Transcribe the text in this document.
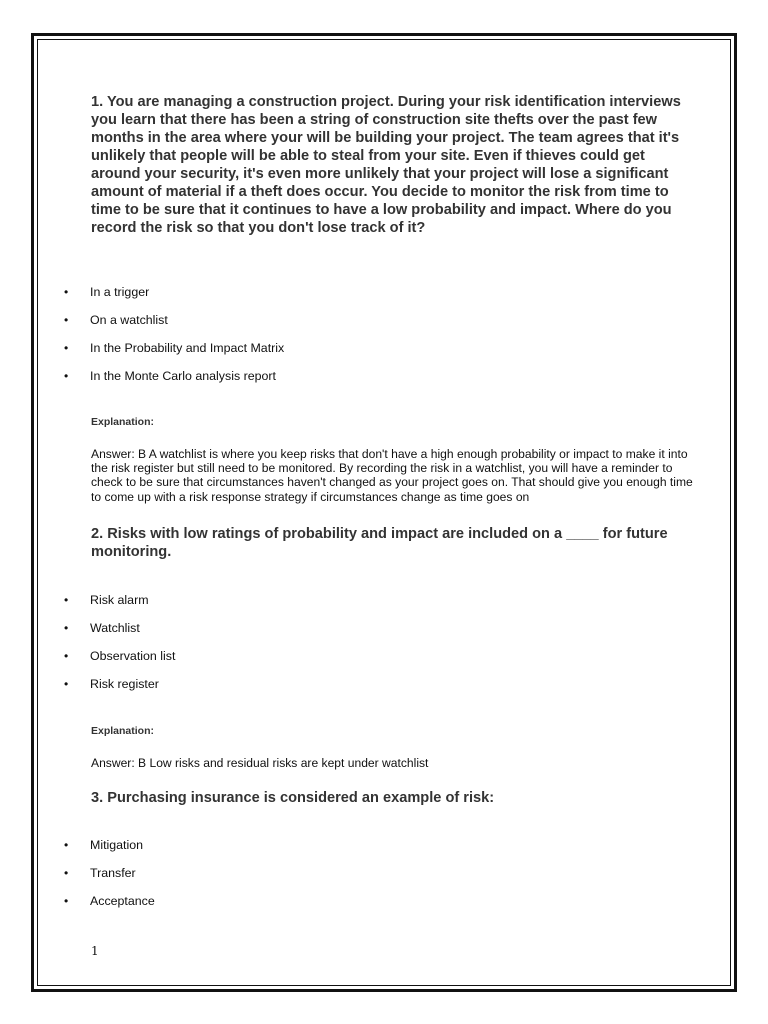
1. You are managing a construction project. During your risk identification interviews you learn that there has been a string of construction site thefts over the past few months in the area where your will be building your project. The team agrees that it's unlikely that people will be able to steal from your site. Even if thieves could get around your security, it's even more unlikely that your project will lose a significant amount of material if a theft does occur. You decide to monitor the risk from time to time to be sure that it continues to have a low probability and impact. Where do you record the risk so that you don't lose track of it?

• In a trigger
• On a watchlist
• In the Probability and Impact Matrix
• In the Monte Carlo analysis report
Explanation:

Answer: B A watchlist is where you keep risks that don't have a high enough probability or impact to make it into the risk register but still need to be monitored. By recording the risk in a watchlist, you will have a reminder to check to be sure that circumstances haven't changed as your project goes on. That should give you enough time to come up with a risk response strategy if circumstances change as time goes on

2. Risks with low ratings of probability and impact are included on a ____ for future monitoring.

• Risk alarm
• Watchlist
• Observation list
• Risk register
Explanation:

Answer: B Low risks and residual risks are kept under watchlist

3. Purchasing insurance is considered an example of risk:

• Mitigation
• Transfer
• Acceptance
1
